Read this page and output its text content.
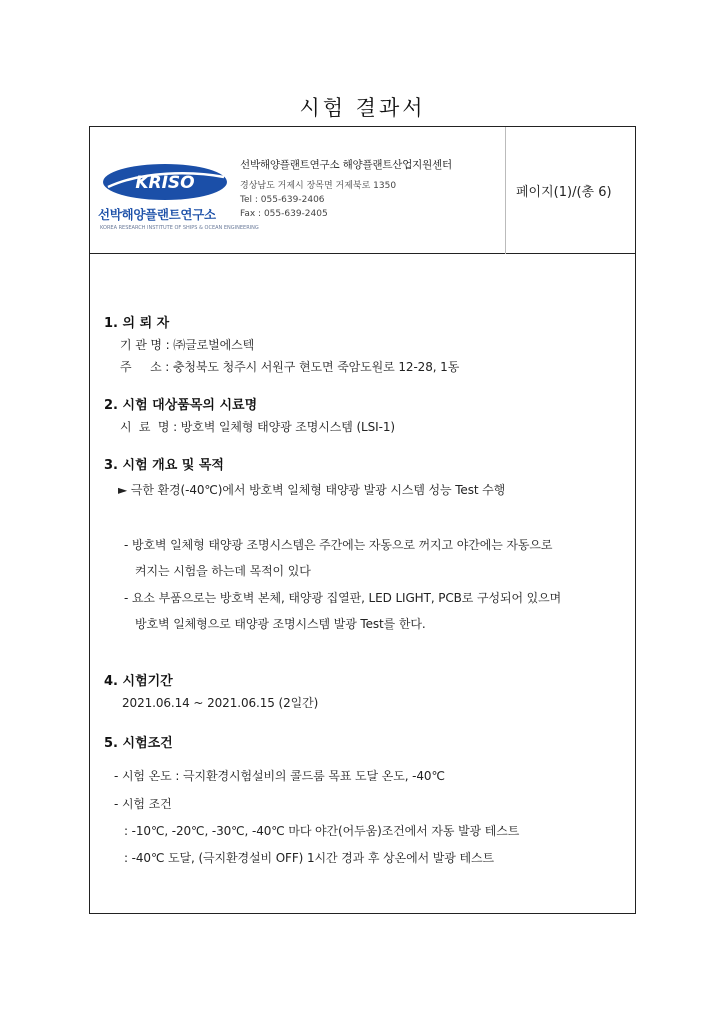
시험 결과서
KRISO
선박해양플랜트연구소
KOREA RESEARCH INSTITUTE OF SHIPS & OCEAN ENGINEERING
선박해양플랜트연구소 해양플랜트산업지원센터
경상남도 거제시 장목면 거제북로 1350
Tel : 055-639-2406
Fax : 055-639-2405
페이지(1)/(총 6)
1. 의 뢰 자
기 관 명 : ㈜글로벌에스텍
주     소 : 충청북도 청주시 서원구 현도면 죽암도원로 12-28, 1동
2. 시험 대상품목의 시료명
시  료  명 : 방호벽 일체형 태양광 조명시스템 (LSI-1)
3. 시험 개요 및 목적
► 극한 환경(-40℃)에서 방호벽 일체형 태양광 발광 시스템 성능 Test 수행
- 방호벽 일체형 태양광 조명시스템은 주간에는 자동으로 꺼지고 야간에는 자동으로
켜지는 시험을 하는데 목적이 있다
- 요소 부품으로는 방호벽 본체, 태양광 집열판, LED LIGHT, PCB로 구성되어 있으며
방호벽 일체형으로 태양광 조명시스템 발광 Test를 한다.
4. 시험기간
2021.06.14 ~ 2021.06.15 (2일간)
5. 시험조건
- 시험 온도 : 극지환경시험설비의 콜드룸 목표 도달 온도, -40℃
- 시험 조건
: -10℃, -20℃, -30℃, -40℃ 마다 야간(어두움)조건에서 자동 발광 테스트
: -40℃ 도달, (극지환경설비 OFF) 1시간 경과 후 상온에서 발광 테스트
